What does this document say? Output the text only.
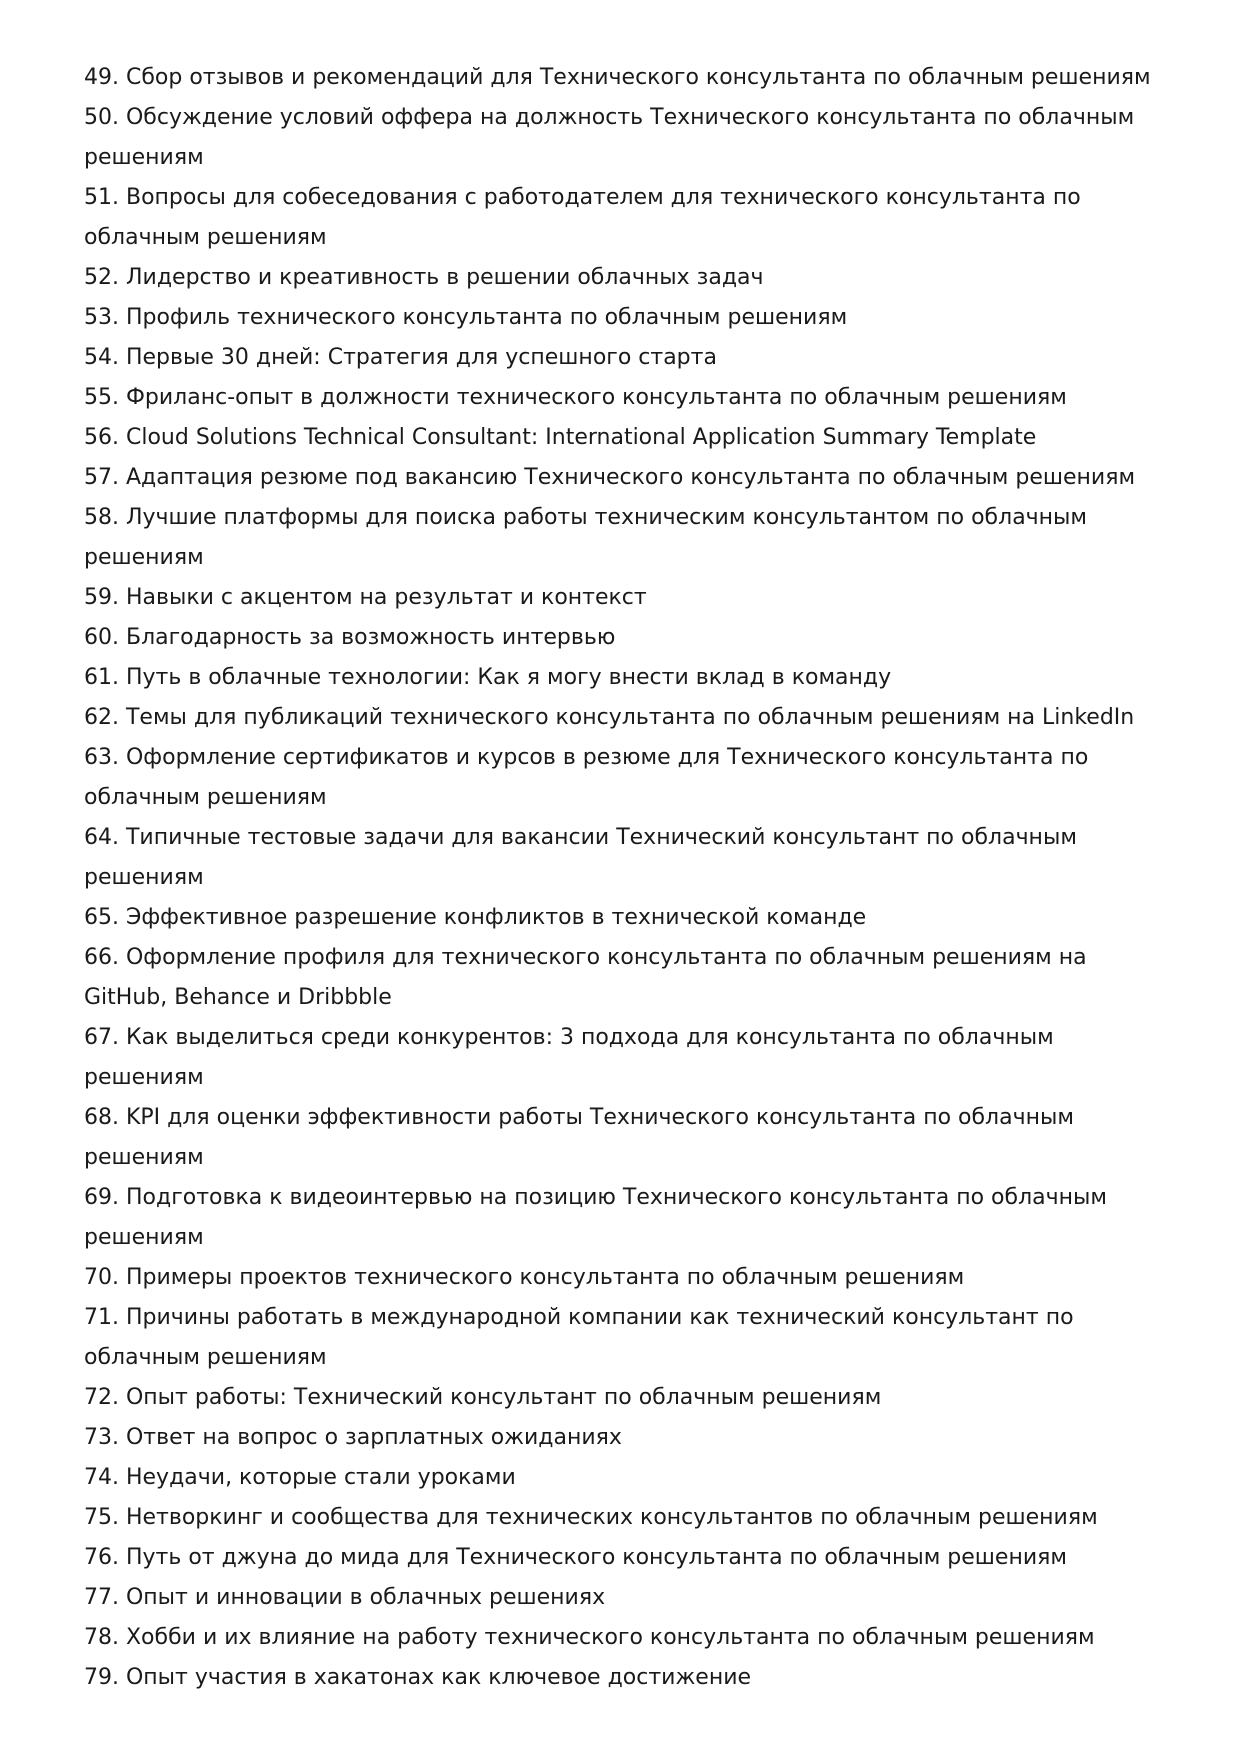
49. Сбор отзывов и рекомендаций для Технического консультанта по облачным решениям
50. Обсуждение условий оффера на должность Технического консультанта по облачным решениям
51. Вопросы для собеседования с работодателем для технического консультанта по облачным решениям
52. Лидерство и креативность в решении облачных задач
53. Профиль технического консультанта по облачным решениям
54. Первые 30 дней: Стратегия для успешного старта
55. Фриланс-опыт в должности технического консультанта по облачным решениям
56. Cloud Solutions Technical Consultant: International Application Summary Template
57. Адаптация резюме под вакансию Технического консультанта по облачным решениям
58. Лучшие платформы для поиска работы техническим консультантом по облачным решениям
59. Навыки с акцентом на результат и контекст
60. Благодарность за возможность интервью
61. Путь в облачные технологии: Как я могу внести вклад в команду
62. Темы для публикаций технического консультанта по облачным решениям на LinkedIn
63. Оформление сертификатов и курсов в резюме для Технического консультанта по облачным решениям
64. Типичные тестовые задачи для вакансии Технический консультант по облачным решениям
65. Эффективное разрешение конфликтов в технической команде
66. Оформление профиля для технического консультанта по облачным решениям на GitHub, Behance и Dribbble
67. Как выделиться среди конкурентов: 3 подхода для консультанта по облачным решениям
68. KPI для оценки эффективности работы Технического консультанта по облачным решениям
69. Подготовка к видеоинтервью на позицию Технического консультанта по облачным решениям
70. Примеры проектов технического консультанта по облачным решениям
71. Причины работать в международной компании как технический консультант по облачным решениям
72. Опыт работы: Технический консультант по облачным решениям
73. Ответ на вопрос о зарплатных ожиданиях
74. Неудачи, которые стали уроками
75. Нетворкинг и сообщества для технических консультантов по облачным решениям
76. Путь от джуна до мида для Технического консультанта по облачным решениям
77. Опыт и инновации в облачных решениях
78. Хобби и их влияние на работу технического консультанта по облачным решениям
79. Опыт участия в хакатонах как ключевое достижение
